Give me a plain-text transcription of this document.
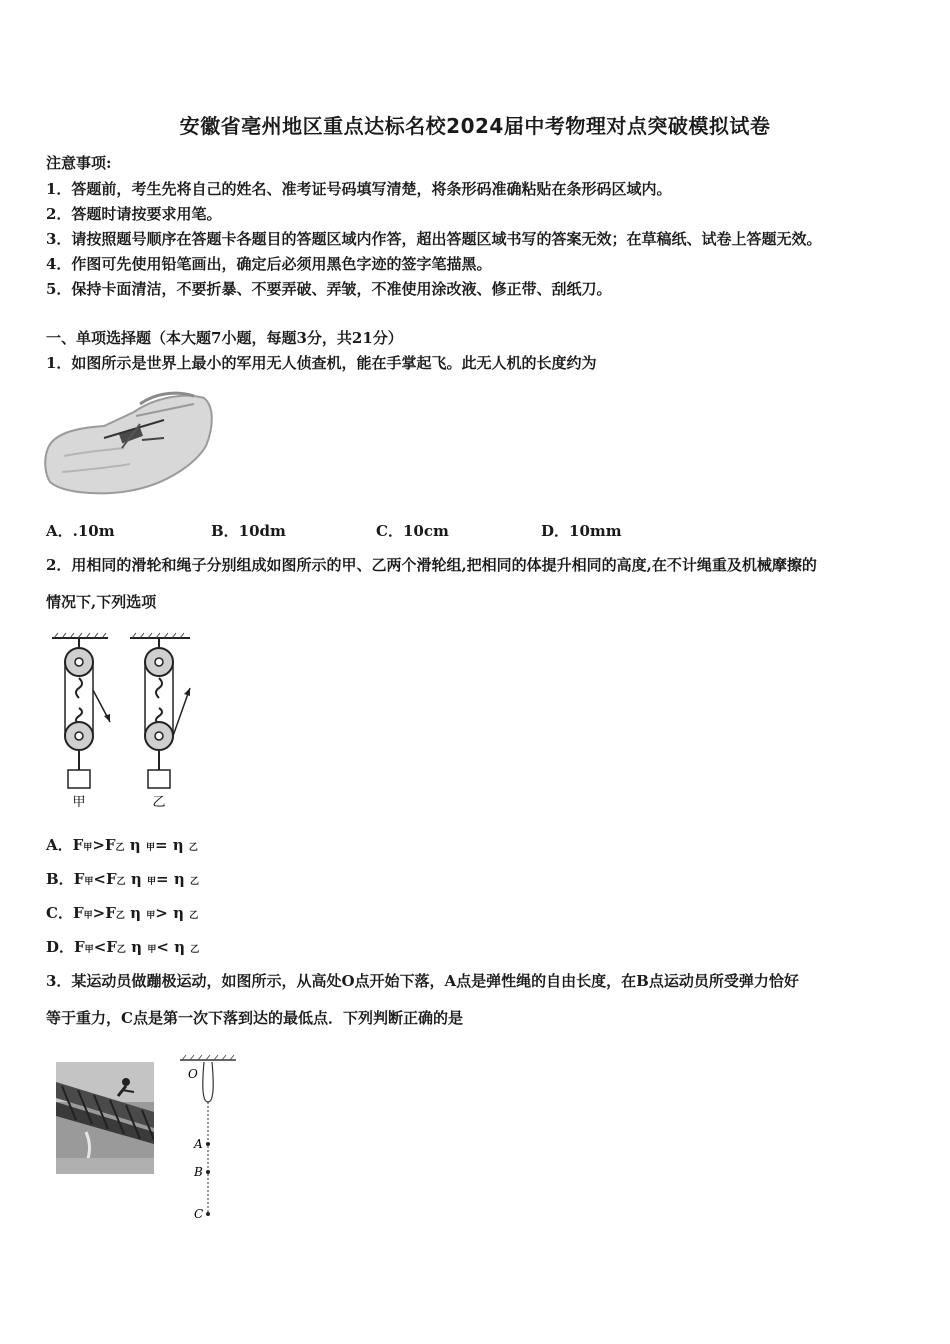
安徽省亳州地区重点达标名校2024届中考物理对点突破模拟试卷
注意事项:
1．答题前，考生先将自己的姓名、准考证号码填写清楚，将条形码准确粘贴在条形码区域内。
2．答题时请按要求用笔。
3．请按照题号顺序在答题卡各题目的答题区域内作答，超出答题区域书写的答案无效；在草稿纸、试卷上答题无效。
4．作图可先使用铅笔画出，确定后必须用黑色字迹的签字笔描黑。
5．保持卡面清洁，不要折暴、不要弄破、弄皱，不准使用涂改液、修正带、刮纸刀。
一、单项选择题（本大题7小题，每题3分，共21分）
1．如图所示是世界上最小的军用无人侦查机，能在手掌起飞。此无人机的长度约为
A．.10m	B．10dm	C．10cm	D．10mm
2．用相同的滑轮和绳子分别组成如图所示的甲、乙两个滑轮组,把相同的体提升相同的高度,在不计绳重及机械摩擦的
情况下,下列选项
甲	乙
A．F甲>F乙 η 甲= η 乙
B．F甲<F乙 η 甲= η 乙
C．F甲>F乙 η 甲> η 乙
D．F甲<F乙 η 甲< η 乙
3．某运动员做蹦极运动，如图所示，从高处O点开始下落，A点是弹性绳的自由长度，在B点运动员所受弹力恰好
等于重力，C点是第一次下落到达的最低点．下列判断正确的是
O
A
B
C
